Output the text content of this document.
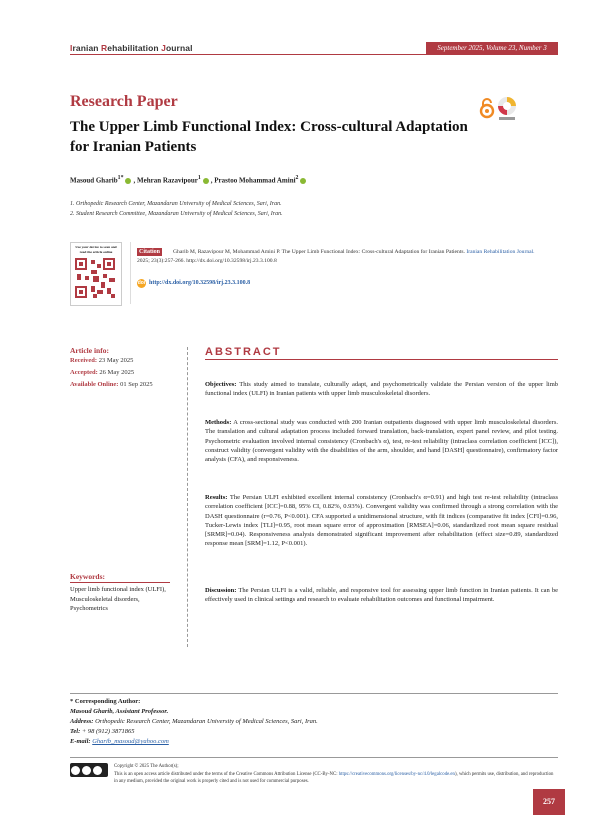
Iranian Rehabilitation Journal	September 2025, Volume 23, Number 3
Research Paper
The Upper Limb Functional Index: Cross-cultural Adaptation for Iranian Patients
Masoud Gharib$^{1*}$ , Mehran Razavipour$^1$ , Prastoo Mohammad Amini$^2$
1. Orthopedic Research Center, Mazandaran University of Medical Sciences, Sari, Iran.
2. Student Research Committee, Mazandaran University of Medical Sciences, Sari, Iran.
Use your device to scan and read the article online	Gharib M, Razavipour M, Mohammad Amini P. The Upper Limb Functional Index: Cross-cultural Adaptation for Iranian Patients. Iranian Rehabilitation Journal. 2025; 23(3):257-266. http://dx.doi.org/10.32598/irj.23.3.100.8
Citation
doi http://dx.doi.org/10.32598/irj.23.3.100.8
Article info:
Received: 23 May 2025
Accepted: 26 May 2025
Available Online: 01 Sep 2025
Keywords:
Upper limb functional index (ULFI), Musculoskeletal disorders, Psychometrics
ABSTRACT
Objectives: This study aimed to translate, culturally adapt, and psychometrically validate the Persian version of the upper limb functional index (ULFI) in Iranian patients with upper limb musculoskeletal disorders.
Methods: A cross-sectional study was conducted with 200 Iranian outpatients diagnosed with upper limb musculoskeletal disorders. The translation and cultural adaptation process included forward translation, back-translation, expert panel review, and pilot testing. Psychometric evaluation involved internal consistency (Cronbach's α), test, re-test reliability (intraclass correlation coefficient [ICC]), construct validity (convergent validity with the disabilities of the arm, shoulder, and hand [DASH] questionnaire), confirmatory factor analysis (CFA), and responsiveness.
Results: The Persian ULFI exhibited excellent internal consistency (Cronbach's α=0.91) and high test re-test reliability (intraclass correlation coefficient [ICC]=0.88, 95% CI, 0.82%, 0.93%). Convergent validity was confirmed through a strong correlation with the DASH questionnaire (r=0.76, P<0.001). CFA supported a unidimensional structure, with fit indices (comparative fit index [CFI]=0.96, Tucker-Lewis index [TLI]=0.95, root mean square error of approximation [RMSEA]=0.06, standardized root mean square residual [SRMR]=0.04). Responsiveness analysis demonstrated significant improvement after rehabilitation (effect size=0.89, standardized response mean [SRM]=1.12, P<0.001).
Discussion: The Persian ULFI is a valid, reliable, and responsive tool for assessing upper limb function in Iranian patients. It can be effectively used in clinical settings and research to evaluate rehabilitation outcomes and functional impairment.
* Corresponding Author:
Masoud Gharib, Assistant Professor.
Address: Orthopedic Research Center, Mazandaran University of Medical Sciences, Sari, Iran.
Tel: + 98 (912) 3871865
E-mail: Gharib_masoud@yahoo.com
Copyright © 2025 The Author(s);
This is an open access article distributed under the terms of the Creative Commons Attribution License (CC-By-NC: https://creativecommons.org/licenses/by-nc/4.0/legalcode.en), which permits use, distribution, and reproduction in any medium, provided the original work is properly cited and is not used for commercial purposes.
257
